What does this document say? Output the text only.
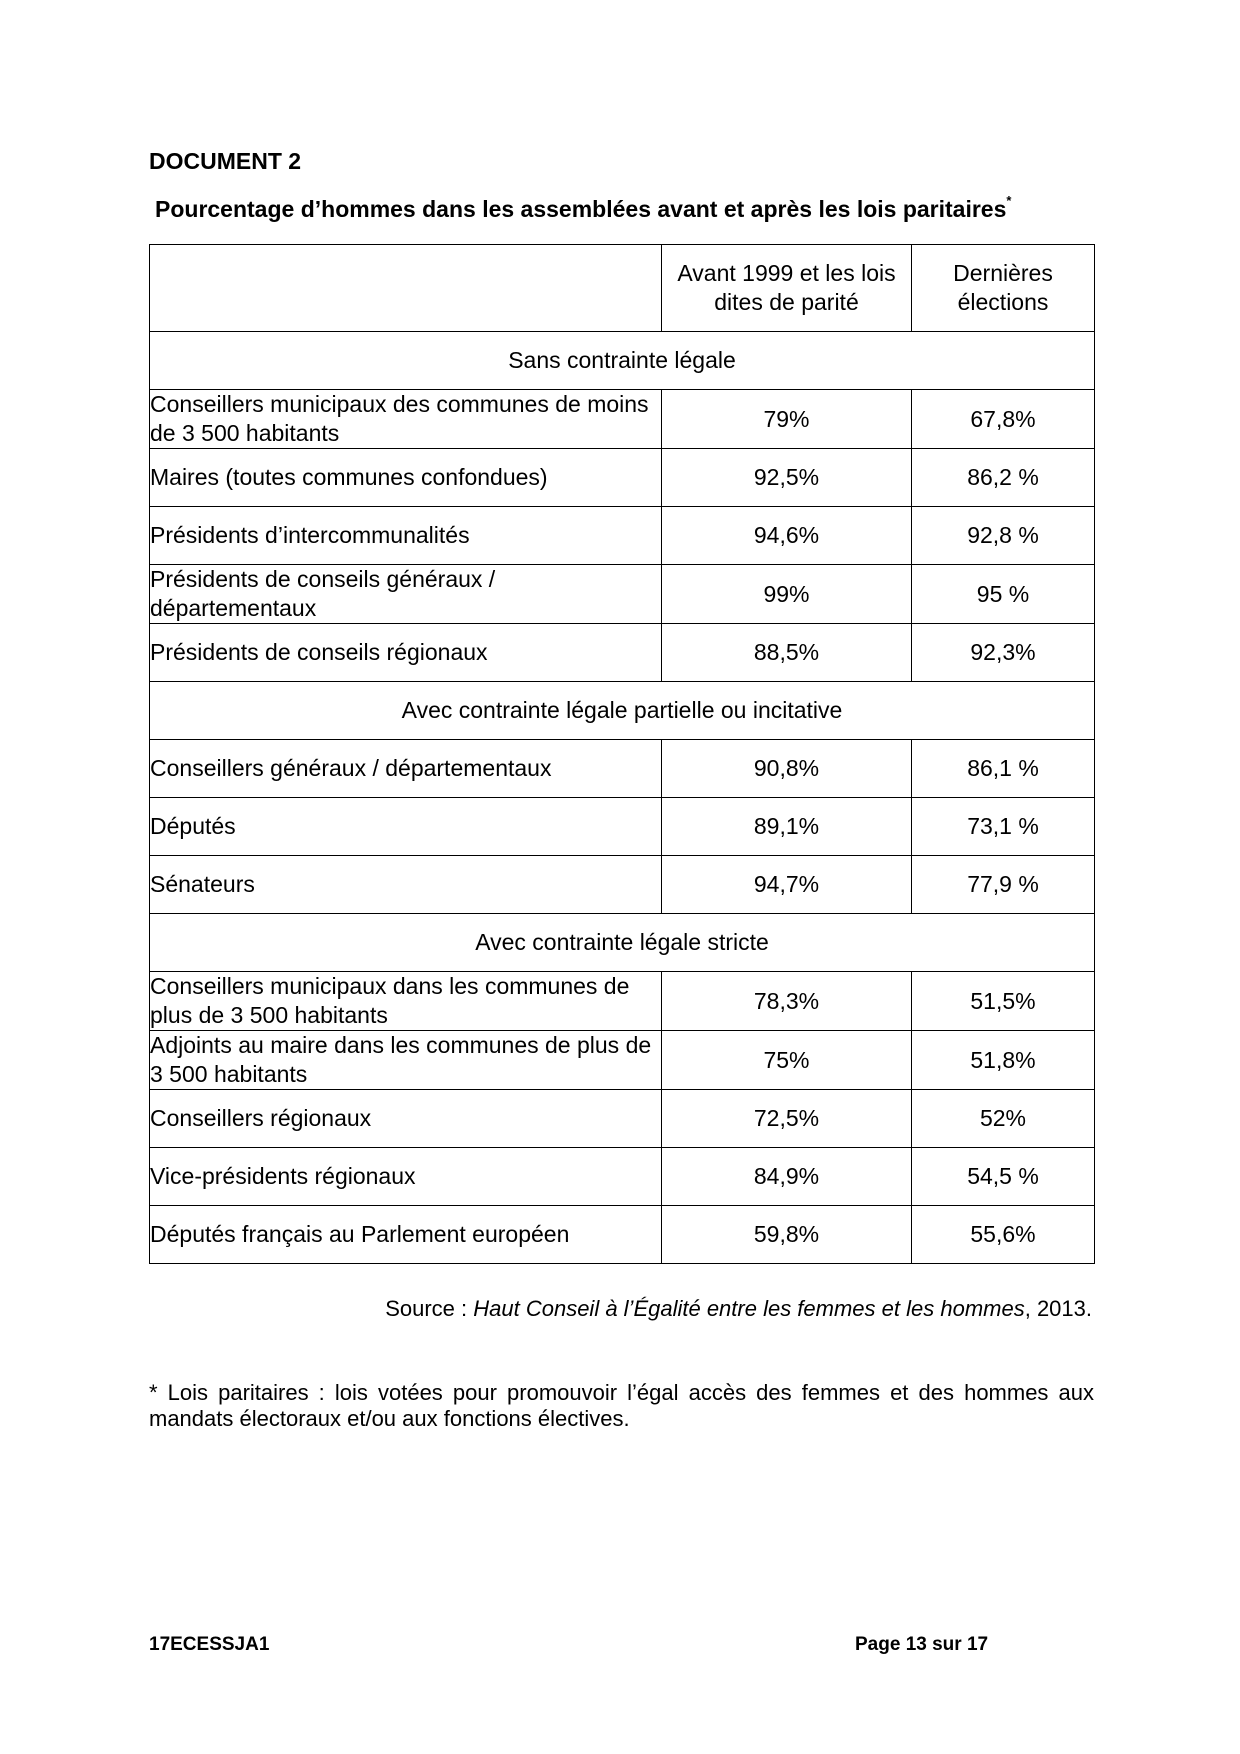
DOCUMENT 2

Pourcentage d’hommes dans les assemblées avant et après les lois paritaires*
	Avant 1999 et les lois dites de parité	Dernières élections
Sans contrainte légale		
Conseillers municipaux des communes de moins de 3 500 habitants	79%	67,8%
Maires (toutes communes confondues)	92,5%	86,2 %
Présidents d’intercommunalités	94,6%	92,8 %
Présidents de conseils généraux / départementaux	99%	95 %
Présidents de conseils régionaux	88,5%	92,3%
Avec contrainte légale partielle ou incitative		
Conseillers généraux / départementaux	90,8%	86,1 %
Députés	89,1%	73,1 %
Sénateurs	94,7%	77,9 %
Avec contrainte légale stricte		
Conseillers municipaux dans les communes de plus de 3 500 habitants	78,3%	51,5%
Adjoints au maire dans les communes de plus de 3 500 habitants	75%	51,8%
Conseillers régionaux	72,5%	52%
Vice-présidents régionaux	84,9%	54,5 %
Députés français au Parlement européen	59,8%	55,6%

Source : Haut Conseil à l’Égalité entre les femmes et les hommes, 2013.

* Lois paritaires : lois votées pour promouvoir l’égal accès des femmes et des hommes aux mandats électoraux et/ou aux fonctions électives.

17ECESSJA1	Page 13 sur 17
